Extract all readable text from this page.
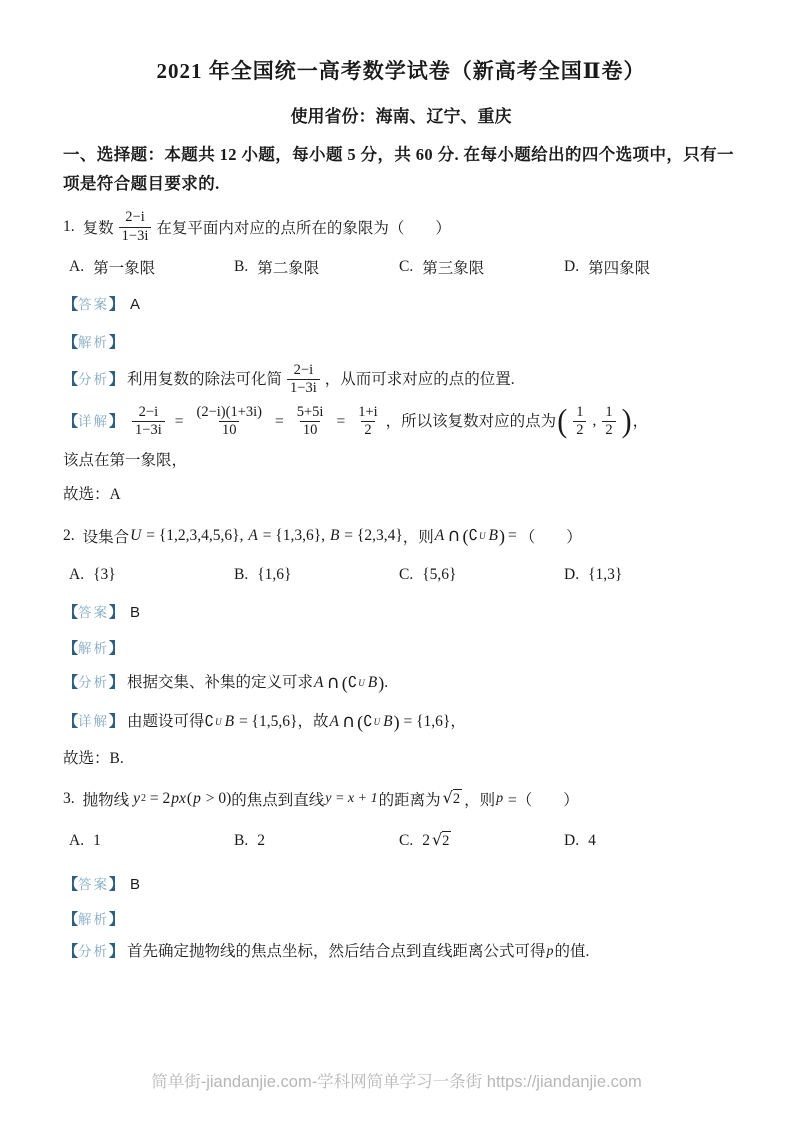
2021 年全国统一高考数学试卷（新高考全国Ⅱ卷）
使用省份：海南、辽宁、重庆
一、选择题：本题共 12 小题，每小题 5 分，共 60 分. 在每小题给出的四个选项中，只有一项是符合题目要求的.
1. 复数 $\frac{2-i}{1-3i}$ 在复平面内对应的点所在的象限为（　　）
A. 第一象限	B. 第二象限	C. 第三象限	D. 第四象限
【答案】 A
【解析】
【分析】 利用复数的除法可化简 $\frac{2-i}{1-3i}$ ，从而可求对应的点的位置.
【详解】 $\frac{2-i}{1-3i} = \frac{(2-i)(1+3i)}{10} = \frac{5+5i}{10} = \frac{1+i}{2}$ ，所以该复数对应的点为 ( $\frac{1}{2}$ , $\frac{1}{2}$ ) ，
该点在第一象限，
故选：A
2. 设集合 U = {1,2,3,4,5,6}, A = {1,3,6}, B = {2,3,4} ，则 A ∩ ( ∁ U B ) = （　　）
A. {3}	B. {1,6}	C. {5,6}	D. {1,3}
【答案】 B
【解析】
【分析】 根据交集、补集的定义可求 A ∩ ( ∁ U B ) .
【详解】 由题设可得 ∁ U B = {1,5,6} ，故 A ∩ ( ∁ U B ) = {1,6} ，
故选：B.
3. 抛物线 y 2 = 2 px ( p > 0) 的焦点到直线 y = x + 1 的距离为 √ 2 ，则 p =（　　）
A. 1	B. 2	C. 2 √ 2	D. 4
【答案】 B
【解析】
【分析】 首先确定抛物线的焦点坐标，然后结合点到直线距离公式可得 p 的值.
简单街-jiandanjie.com-学科网简单学习一条街 https://jiandanjie.com
